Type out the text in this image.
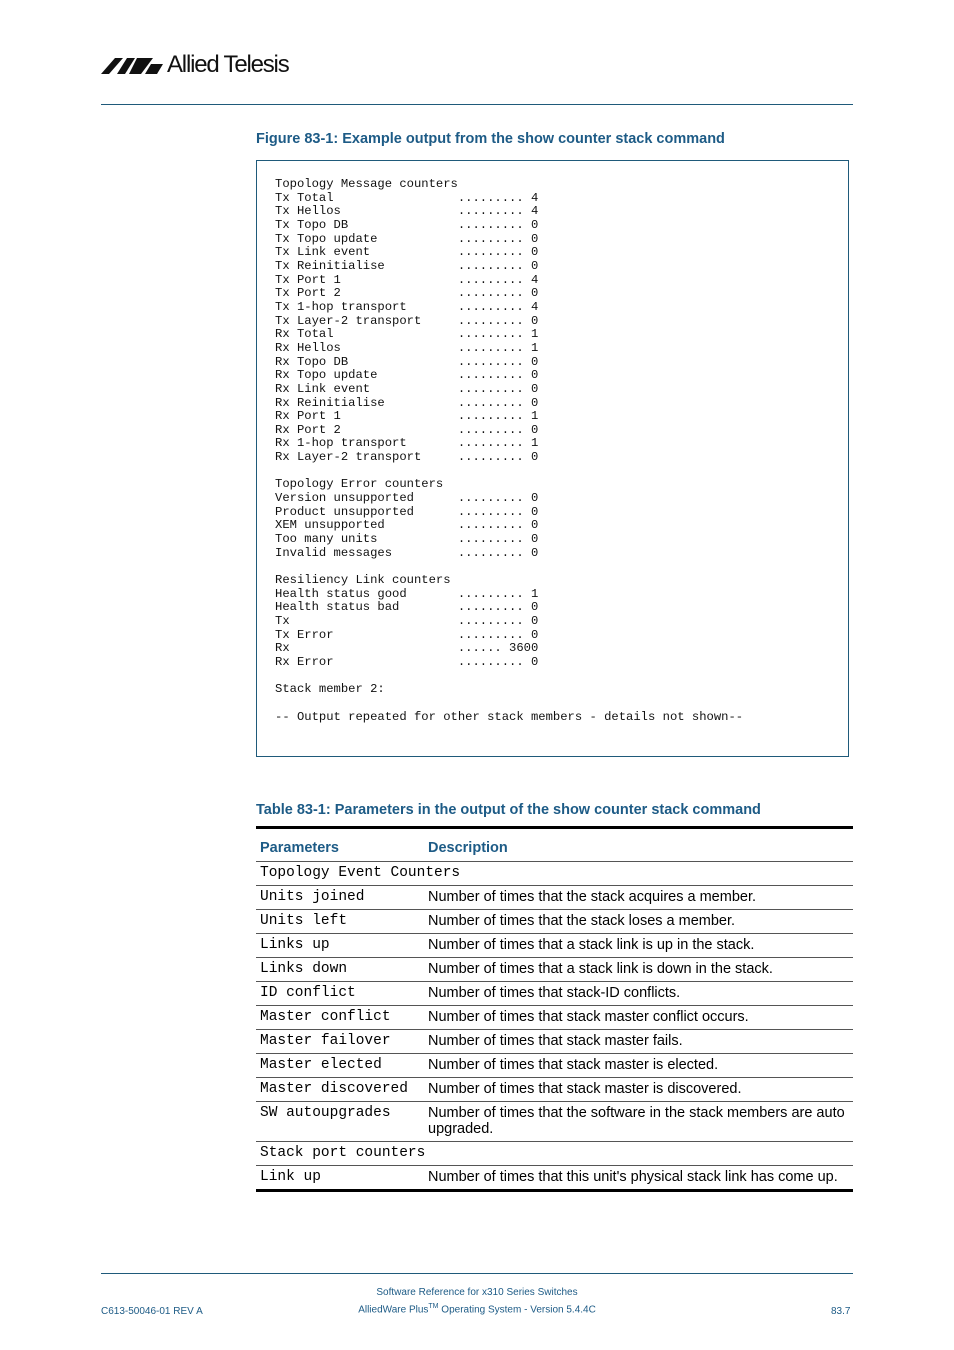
Allied Telesis
Figure 83-1: Example output from the show counter stack command
Topology Message counters
Tx Total                 ......... 4
Tx Hellos                ......... 4
Tx Topo DB               ......... 0
Tx Topo update           ......... 0
Tx Link event            ......... 0
Tx Reinitialise          ......... 0
Tx Port 1                ......... 4
Tx Port 2                ......... 0
Tx 1-hop transport       ......... 4
Tx Layer-2 transport     ......... 0
Rx Total                 ......... 1
Rx Hellos                ......... 1
Rx Topo DB               ......... 0
Rx Topo update           ......... 0
Rx Link event            ......... 0
Rx Reinitialise          ......... 0
Rx Port 1                ......... 1
Rx Port 2                ......... 0
Rx 1-hop transport       ......... 1
Rx Layer-2 transport     ......... 0

Topology Error counters
Version unsupported      ......... 0
Product unsupported      ......... 0
XEM unsupported          ......... 0
Too many units           ......... 0
Invalid messages         ......... 0

Resiliency Link counters
Health status good       ......... 1
Health status bad        ......... 0
Tx                       ......... 0
Tx Error                 ......... 0
Rx                       ...... 3600
Rx Error                 ......... 0

Stack member 2:

-- Output repeated for other stack members - details not shown--
Table 83-1: Parameters in the output of the show counter stack command
Parameters	Description
Topology Event Counters	
Units joined	Number of times that the stack acquires a member.
Units left	Number of times that the stack loses a member.
Links up	Number of times that a stack link is up in the stack.
Links down	Number of times that a stack link is down in the stack.
ID conflict	Number of times that stack-ID conflicts.
Master conflict	Number of times that stack master conflict occurs.
Master failover	Number of times that stack master fails.
Master elected	Number of times that stack master is elected.
Master discovered	Number of times that stack master is discovered.
SW autoupgrades	Number of times that the software in the stack members are auto upgraded.
Stack port counters	
Link up	Number of times that this unit's physical stack link has come up.
Software Reference for x310 Series Switches
AlliedWare Plus™ Operating System - Version 5.4.4C
C613-50046-01 REV A	83.7
